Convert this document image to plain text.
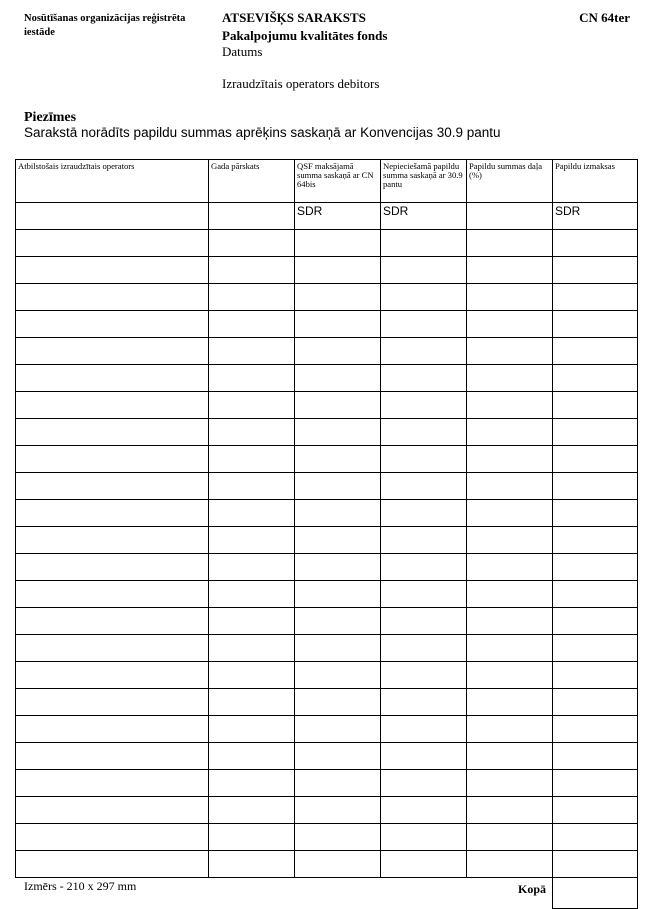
Nosūtīšanas organizācijas reģistrēta iestāde
ATSEVIŠĶS SARAKSTS
Pakalpojumu kvalitātes fonds
Datums
Izraudzītais operators debitors
CN 64ter
Piezīmes
Sarakstā norādīts papildu summas aprēķins saskaņā ar Konvencijas 30.9 pantu
Atbilstošais izraudzītais operators	Gada pārskats	QSF maksājamā summa saskaņā ar CN 64bis	Nepieciešamā papildu summa saskaņā ar 30.9 pantu	Papildu summas daļa (%)	Papildu izmaksas
		SDR	SDR		SDR

				Kopā	
Izmērs - 210 x 297 mm
